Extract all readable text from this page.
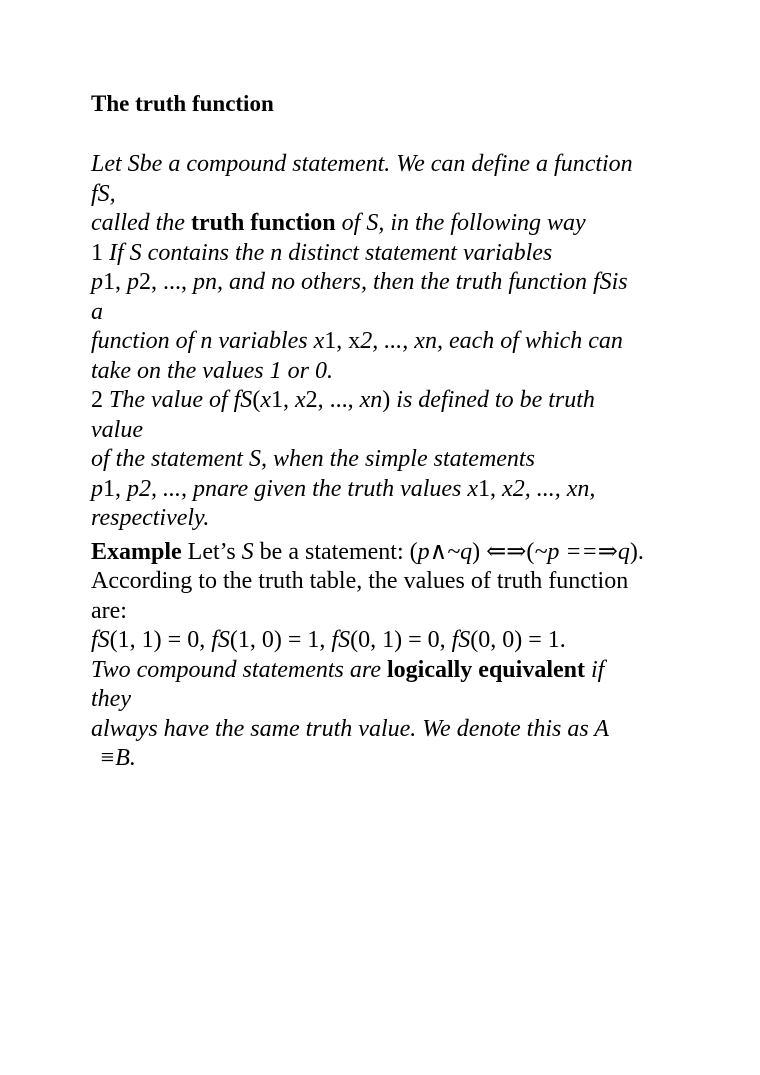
The truth function
Let Sbe a compound statement. We can define a function
fS,
called the truth function of S, in the following way
1 If S contains the n distinct statement variables
p1, p2, ..., pn, and no others, then the truth function fSis
a
function of n variables x1, x2, ..., xn, each of which can
take on the values 1 or 0.
2 The value of fS(x1, x2, ..., xn) is defined to be truth
value
of the statement S, when the simple statements
p1, p2, ..., pnare given the truth values x1, x2, ..., xn,
respectively.
Example Let’s S be a statement: (p∧~q) ⇐⇒(~p ==⇒q).
According to the truth table, the values of truth function
are:
fS(1, 1) = 0, fS(1, 0) = 1, fS(0, 1) = 0, fS(0, 0) = 1.
Two compound statements are logically equivalent if
they
always have the same truth value. We denote this as A
≡B.
